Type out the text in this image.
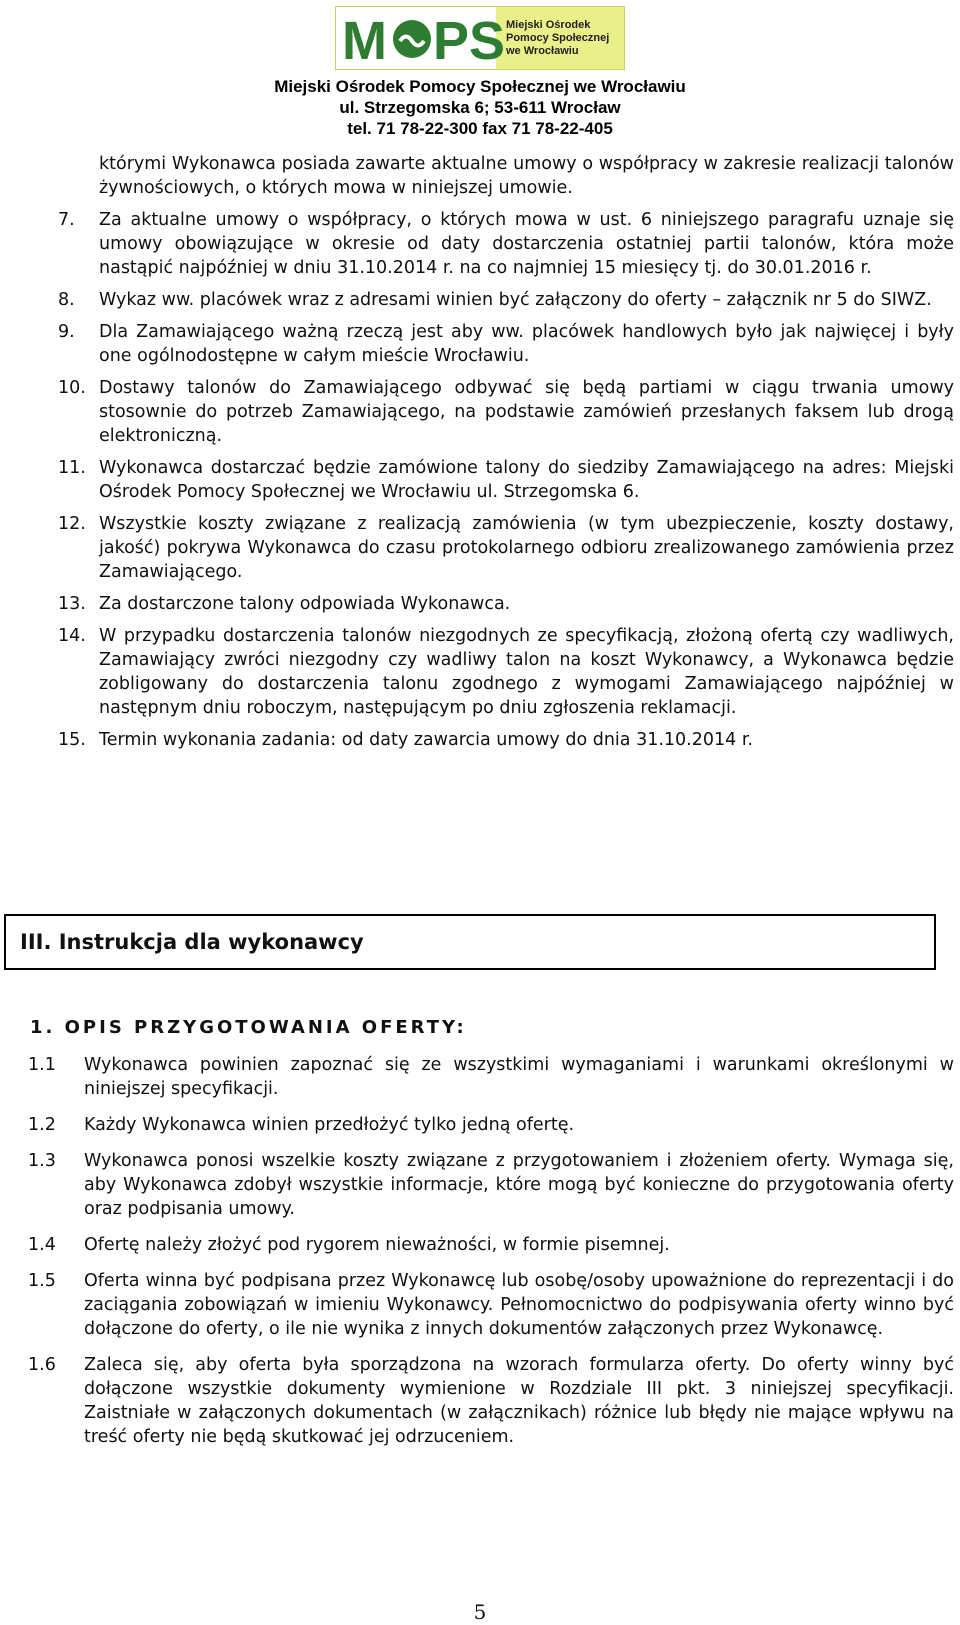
M PS Miejski Ośrodek
Pomocy Społecznej
we Wrocławiu
Miejski Ośrodek Pomocy Społecznej we Wrocławiu
ul. Strzegomska 6; 53-611 Wrocław
tel. 71 78-22-300 fax 71 78-22-405

którymi Wykonawca posiada zawarte aktualne umowy o współpracy w zakresie realizacji talonów żywnościowych, o których mowa w niniejszej umowie.

7.	Za aktualne umowy o współpracy, o których mowa w ust. 6 niniejszego paragrafu uznaje się umowy obowiązujące w okresie od daty dostarczenia ostatniej partii talonów, która może nastąpić najpóźniej w dniu 31.10.2014 r. na co najmniej 15 miesięcy tj. do 30.01.2016 r.
8.	Wykaz ww. placówek wraz z adresami winien być załączony do oferty – załącznik nr 5 do SIWZ.
9.	Dla Zamawiającego ważną rzeczą jest aby ww. placówek handlowych było jak najwięcej i były one ogólnodostępne w całym mieście Wrocławiu.
10. Dostawy talonów do Zamawiającego odbywać się będą partiami w ciągu trwania umowy stosownie do potrzeb Zamawiającego, na podstawie zamówień przesłanych faksem lub drogą elektroniczną.
11. Wykonawca dostarczać będzie zamówione talony do siedziby Zamawiającego na adres: Miejski Ośrodek Pomocy Społecznej we Wrocławiu ul. Strzegomska 6.
12. Wszystkie koszty związane z realizacją zamówienia (w tym ubezpieczenie, koszty dostawy, jakość) pokrywa Wykonawca do czasu protokolarnego odbioru zrealizowanego zamówienia przez Zamawiającego.
13. Za dostarczone talony odpowiada Wykonawca.
14. W przypadku dostarczenia talonów niezgodnych ze specyfikacją, złożoną ofertą czy wadliwych, Zamawiający zwróci niezgodny czy wadliwy talon na koszt Wykonawcy, a Wykonawca będzie zobligowany do dostarczenia talonu zgodnego z wymogami Zamawiającego najpóźniej w następnym dniu roboczym, następującym po dniu zgłoszenia reklamacji.
15. Termin wykonania zadania: od daty zawarcia umowy do dnia 31.10.2014 r.
III. Instrukcja dla wykonawcy
1. OPIS PRZYGOTOWANIA OFERTY:
1.1	Wykonawca powinien zapoznać się ze wszystkimi wymaganiami i warunkami określonymi w niniejszej specyfikacji.
1.2	Każdy Wykonawca winien przedłożyć tylko jedną ofertę.
1.3	Wykonawca ponosi wszelkie koszty związane z przygotowaniem i złożeniem oferty. Wymaga się, aby Wykonawca zdobył wszystkie informacje, które mogą być konieczne do przygotowania oferty oraz podpisania umowy.
1.4	Ofertę należy złożyć pod rygorem nieważności, w formie pisemnej.
1.5	Oferta winna być podpisana przez Wykonawcę lub osobę/osoby upoważnione do reprezentacji i do zaciągania zobowiązań w imieniu Wykonawcy. Pełnomocnictwo do podpisywania oferty winno być dołączone do oferty, o ile nie wynika z innych dokumentów załączonych przez Wykonawcę.
1.6	Zaleca się, aby oferta była sporządzona na wzorach formularza oferty. Do oferty winny być dołączone wszystkie dokumenty wymienione w Rozdziale III pkt. 3 niniejszej specyfikacji. Zaistniałe w załączonych dokumentach (w załącznikach) różnice lub błędy nie mające wpływu na treść oferty nie będą skutkować jej odrzuceniem.
5
